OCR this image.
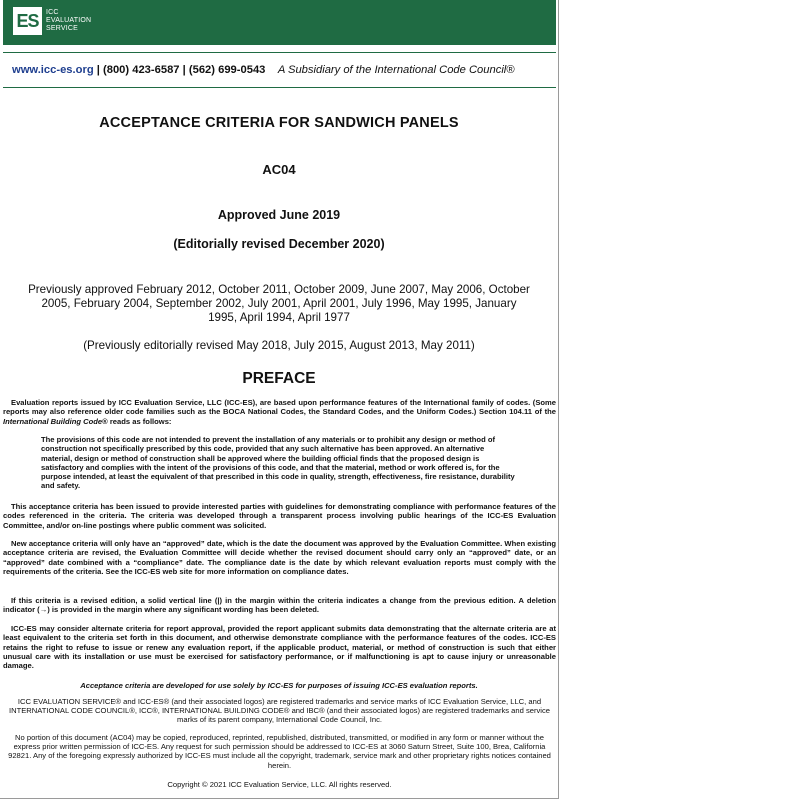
ES	ICC
EVALUATION
SERVICE
www.icc-es.org | (800) 423-6587 | (562) 699-0543 A Subsidiary of the International Code Council®
ACCEPTANCE CRITERIA FOR SANDWICH PANELS
AC04
Approved June 2019
(Editorially revised December 2020)
Previously approved February 2012, October 2011, October 2009, June 2007, May 2006, October 2005, February 2004, September 2002, July 2001, April 2001, July 1996, May 1995, January 1995, April 1994, April 1977
(Previously editorially revised May 2018, July 2015, August 2013, May 2011)
PREFACE
Evaluation reports issued by ICC Evaluation Service, LLC (ICC-ES), are based upon performance features of the International family of codes. (Some reports may also reference older code families such as the BOCA National Codes, the Standard Codes, and the Uniform Codes.) Section 104.11 of the International Building Code® reads as follows:
The provisions of this code are not intended to prevent the installation of any materials or to prohibit any design or method of construction not specifically prescribed by this code, provided that any such alternative has been approved. An alternative material, design or method of construction shall be approved where the building official finds that the proposed design is satisfactory and complies with the intent of the provisions of this code, and that the material, method or work offered is, for the purpose intended, at least the equivalent of that prescribed in this code in quality, strength, effectiveness, fire resistance, durability and safety.
This acceptance criteria has been issued to provide interested parties with guidelines for demonstrating compliance with performance features of the codes referenced in the criteria. The criteria was developed through a transparent process involving public hearings of the ICC-ES Evaluation Committee, and/or on-line postings where public comment was solicited.
New acceptance criteria will only have an “approved” date, which is the date the document was approved by the Evaluation Committee. When existing acceptance criteria are revised, the Evaluation Committee will decide whether the revised document should carry only an “approved” date, or an “approved” date combined with a “compliance” date. The compliance date is the date by which relevant evaluation reports must comply with the requirements of the criteria. See the ICC-ES web site for more information on compliance dates.
If this criteria is a revised edition, a solid vertical line (|) in the margin within the criteria indicates a change from the previous edition. A deletion indicator (→) is provided in the margin where any significant wording has been deleted.
ICC-ES may consider alternate criteria for report approval, provided the report applicant submits data demonstrating that the alternate criteria are at least equivalent to the criteria set forth in this document, and otherwise demonstrate compliance with the performance features of the codes. ICC-ES retains the right to refuse to issue or renew any evaluation report, if the applicable product, material, or method of construction is such that either unusual care with its installation or use must be exercised for satisfactory performance, or if malfunctioning is apt to cause injury or unreasonable damage.
Acceptance criteria are developed for use solely by ICC-ES for purposes of issuing ICC-ES evaluation reports.
ICC EVALUATION SERVICE® and ICC-ES® (and their associated logos) are registered trademarks and service marks of ICC Evaluation Service, LLC, and INTERNATIONAL CODE COUNCIL®, ICC®, INTERNATIONAL BUILDING CODE® and IBC® (and their associated logos) are registered trademarks and service marks of its parent company, International Code Council, Inc.
No portion of this document (AC04) may be copied, reproduced, reprinted, republished, distributed, transmitted, or modified in any form or manner without the express prior written permission of ICC-ES. Any request for such permission should be addressed to ICC-ES at 3060 Saturn Street, Suite 100, Brea, California 92821. Any of the foregoing expressly authorized by ICC-ES must include all the copyright, trademark, service mark and other proprietary rights notices contained herein.
Copyright © 2021 ICC Evaluation Service, LLC. All rights reserved.
